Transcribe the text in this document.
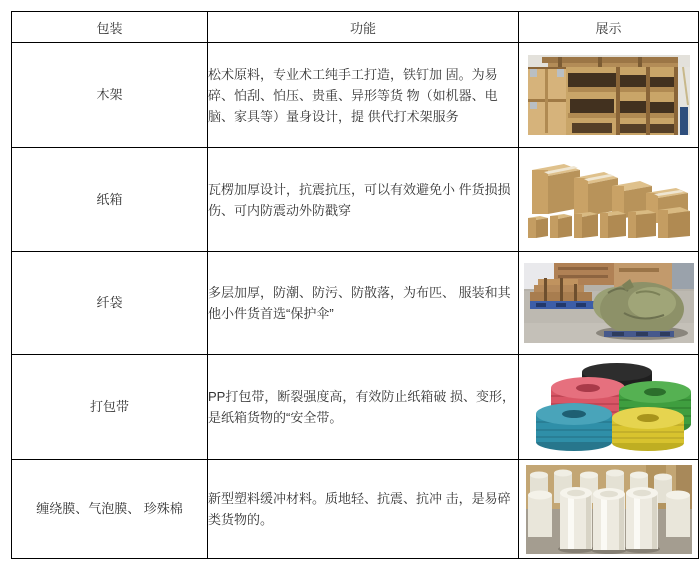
包装	功能	展示
木架	松术原料，专业术工纯手工打造，铁钉加 固。为易碎、怕刮、怕压、贵重、异形等货 物（如机器、电脑、家具等）量身设计，提 供代打术架服务	

纸箱	瓦楞加厚设计，抗震抗压，可以有效避免小 件货损损伤、可内防震动外防戳穿	

纤袋	多层加厚，防潮、防污、防散落，为布匹、 服装和其他小件货首选“保护伞”	

打包带	PP打包带，断裂强度高，有效防止纸箱破 损、变形，是纸箱货物的“安全带。	

缠绕膜、气泡膜、 珍殊棉	新型塑料缓冲材料。质地轻、抗震、抗冲 击，是易碎类货物的。	
